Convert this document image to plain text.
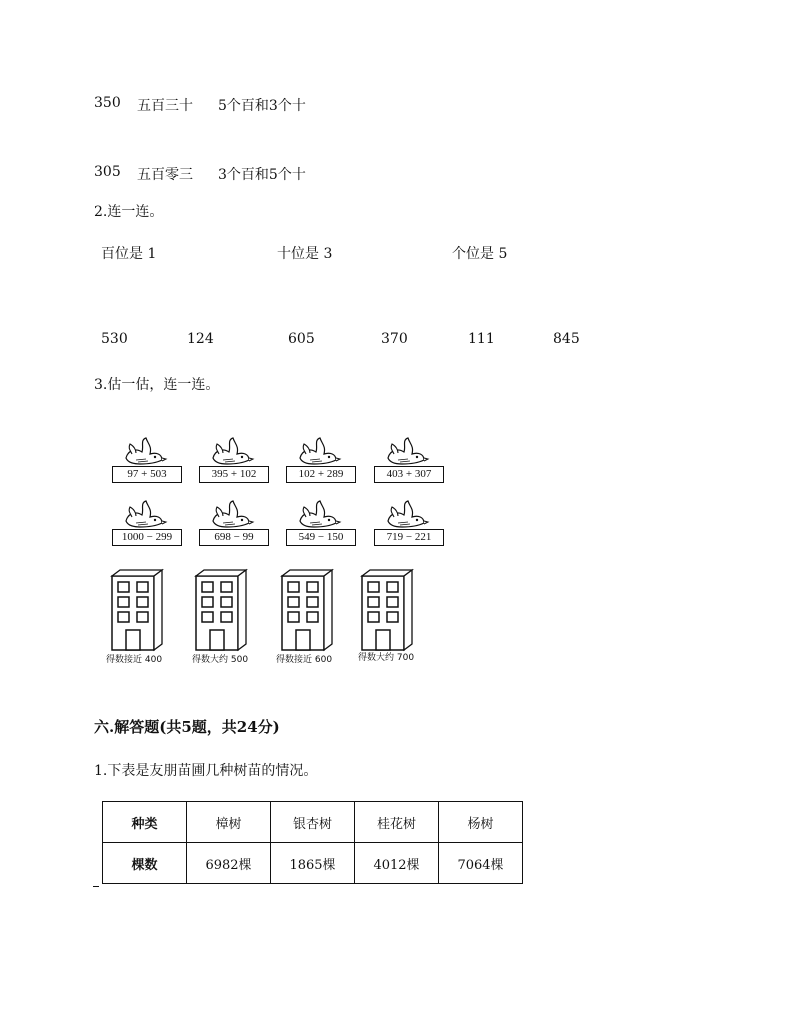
350 五百三十 5个百和3个十
305 五百零三 3个百和5个十
2.连一连。
百位是 1	十位是 3	个位是 5
530	124	605	370	111	845
3.估一估，连一连。
97 + 503	395 + 102	102 + 289	403 + 307
1000 − 299	698 − 99	549 − 150	719 − 221
得数接近 400	得数大约 500	得数接近 600	得数大约 700
六.解答题(共5题，共24分)
1.下表是友朋苗圃几种树苗的情况。
种类	樟树	银杏树	桂花树	杨树
棵数	6982棵	1865棵	4012棵	7064棵
